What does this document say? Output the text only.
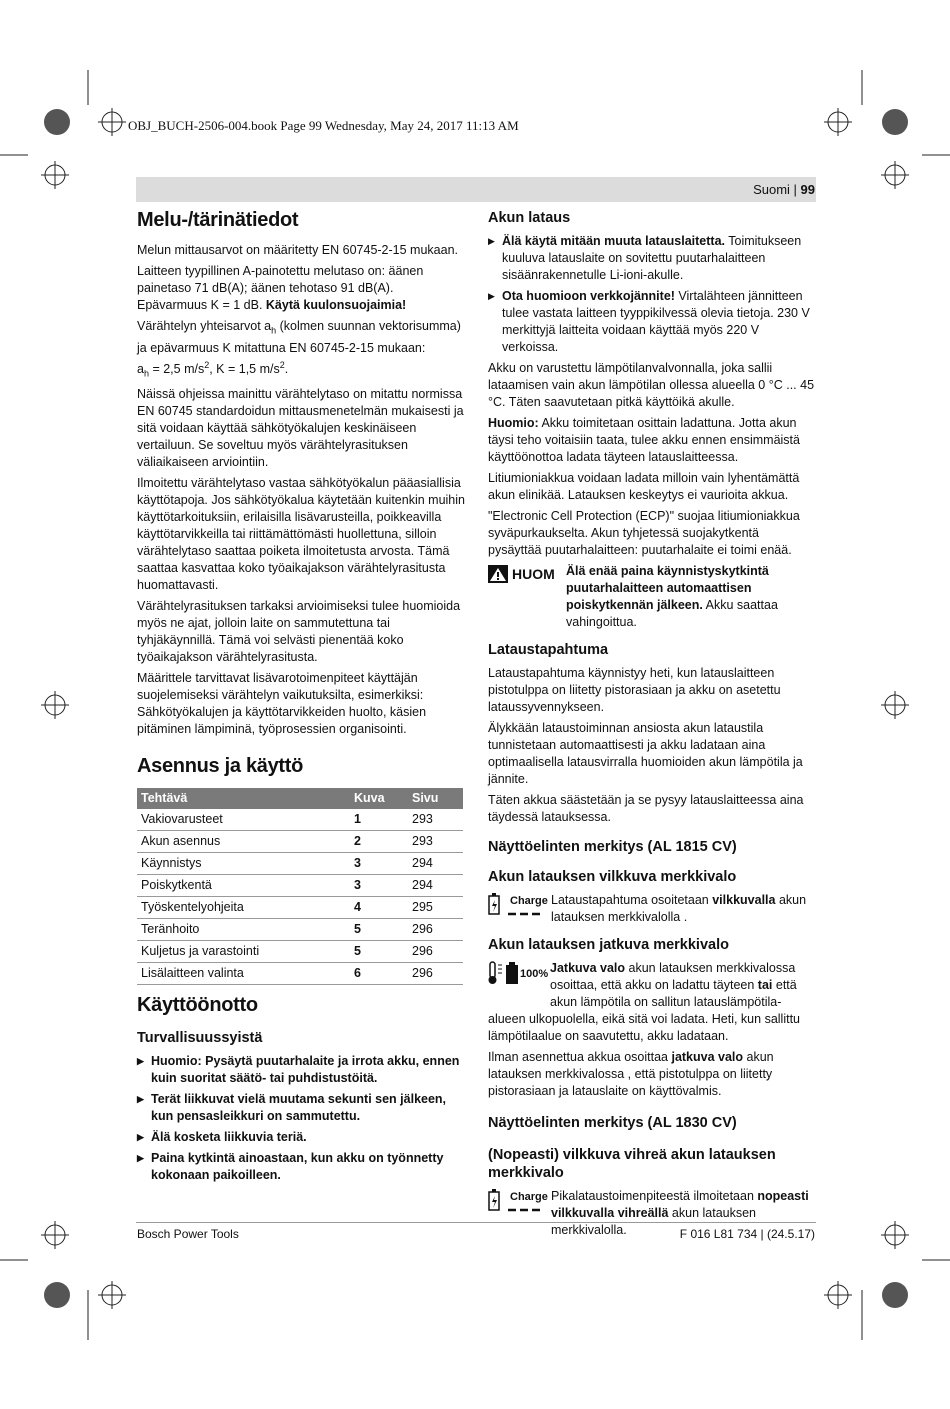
OBJ_BUCH-2506-004.book Page 99 Wednesday, May 24, 2017 11:13 AM
Suomi | 99
Melu-/tärinätiedot

Melun mittausarvot on määritetty EN 60745-2-15 mukaan.

Laitteen tyypillinen A-painotettu melutaso on: äänen painetaso 71 dB(A); äänen tehotaso 91 dB(A). Epävarmuus K = 1 dB. Käytä kuulonsuojaimia!

Värähtelyn yhteisarvot $a_h$ (kolmen suunnan vektorisumma) ja epävarmuus K mitattuna EN 60745-2-15 mukaan:
$a_h = 2,5$ $m/s^2$, K = 1,5 $m/s^2$.

Näissä ohjeissa mainittu värähtelytaso on mitattu normissa EN 60745 standardoidun mittausmenetelmän mukaisesti ja sitä voidaan käyttää sähkötyökalujen keskinäiseen vertailuun. Se soveltuu myös värähtelyrasituksen väliaikaiseen arviointiin.

Ilmoitettu värähtelytaso vastaa sähkötyökalun pääasiallisia käyttötapoja. Jos sähkötyökalua käytetään kuitenkin muihin käyttötarkoituksiin, erilaisilla lisävarusteilla, poikkeavilla käyttötarvikkeilla tai riittämättömästi huollettuna, silloin värähtelytaso saattaa poiketa ilmoitetusta arvosta. Tämä saattaa kasvattaa koko työaikajakson värähtelyrasitusta huomattavasti.

Värähtelyrasituksen tarkaksi arvioimiseksi tulee huomioida myös ne ajat, jolloin laite on sammutettuna tai tyhjäkäynnillä. Tämä voi selvästi pienentää koko työaikajakson värähtelyrasitusta.

Määrittele tarvittavat lisävarotoimenpiteet käyttäjän suojelemiseksi värähtelyn vaikutuksilta, esimerkiksi: Sähkötyökalujen ja käyttötarvikkeiden huolto, käsien pitäminen lämpiminä, työprosessien organisointi.

Asennus ja käyttö
Tehtävä	Kuva	Sivu
Vakiovarusteet	1	293
Akun asennus	2	293
Käynnistys	3	294
Poiskytkentä	3	294
Työskentelyohjeita	4	295
Teränhoito	5	296
Kuljetus ja varastointi	5	296
Lisälaitteen valinta	6	296
Käyttöönotto
Turvallisuussyistä

▶ Huomio: Pysäytä puutarhalaite ja irrota akku, ennen kuin suoritat säätö- tai puhdistustöitä.

▶ Terät liikkuvat vielä muutama sekunti sen jälkeen, kun pensasleikkuri on sammutettu.

▶ Älä kosketa liikkuvia teriä.

▶ Paina kytkintä ainoastaan, kun akku on työnnetty kokonaan paikoilleen.

Akun lataus

▶ Älä käytä mitään muuta latauslaitetta. Toimitukseen kuuluva latauslaite on sovitettu puutarhalaitteen sisäänrakennetulle Li-ioni-akulle.

▶ Ota huomioon verkkojännite! Virtalähteen jännitteen tulee vastata laitteen tyyppikilvessä olevia tietoja. 230 V merkittyjä laitteita voidaan käyttää myös 220 V verkoissa.

Akku on varustettu lämpötilanvalvonnalla, joka sallii lataamisen vain akun lämpötilan ollessa alueella 0 °C ... 45 °C. Täten saavutetaan pitkä käyttöikä akulle.

Huomio: Akku toimitetaan osittain ladattuna. Jotta akun täysi teho voitaisiin taata, tulee akku ennen ensimmäistä käyttöönottoa ladata täyteen latauslaitteessa.

Litiumioniakkua voidaan ladata milloin vain lyhentämättä akun elinikää. Latauksen keskeytys ei vaurioita akkua.

"Electronic Cell Protection (ECP)" suojaa litiumioniakkua syväpurkaukselta. Akun tyhjetessä suojakytkentä pysäyttää puutarhalaitteen: puutarhalaite ei toimi enää.

HUOM Älä enää paina käynnistyskytkintä puutarhalaitteen automaattisen poiskytkennän jälkeen. Akku saattaa vahingoittua.
Lataustapahtuma

Lataustapahtuma käynnistyy heti, kun latauslaitteen pistotulppa on liitetty pistorasiaan ja akku on asetettu lataussyvennykseen.

Älykkään lataustoiminnan ansiosta akun lataustila tunnistetaan automaattisesti ja akku ladataan aina optimaalisella latausvirralla huomioiden akun lämpötila ja jännite.

Täten akkua säästetään ja se pysyy latauslaitteessa aina täydessä latauksessa.

Näyttöelinten merkitys (AL 1815 CV)
Akun latauksen vilkkuva merkkivalo
Charge Lataustapahtuma osoitetaan vilkkuvalla akun latauksen merkkivalolla .
Akun latauksen jatkuva merkkivalo
100% Jatkuva valo akun latauksen merkkivalossa osoittaa, että akku on ladattu täyteen tai että akun lämpötila on sallitun latauslämpötila-alueen ulkopuolella, eikä sitä voi ladata. Heti, kun sallittu lämpötilaalue on saavutettu, akku ladataan.

Ilman asennettua akkua osoittaa jatkuva valo akun latauksen merkkivalossa , että pistotulppa on liitetty pistorasiaan ja latauslaite on käyttövalmis.

Näyttöelinten merkitys (AL 1830 CV)
(Nopeasti) vilkkuva vihreä akun latauksen merkkivalo
Charge Pikalataustoimenpiteestä ilmoitetaan nopeasti vilkkuvalla vihreällä akun latauksen merkkivalolla.
Bosch Power Tools	F 016 L81 734 | (24.5.17)
